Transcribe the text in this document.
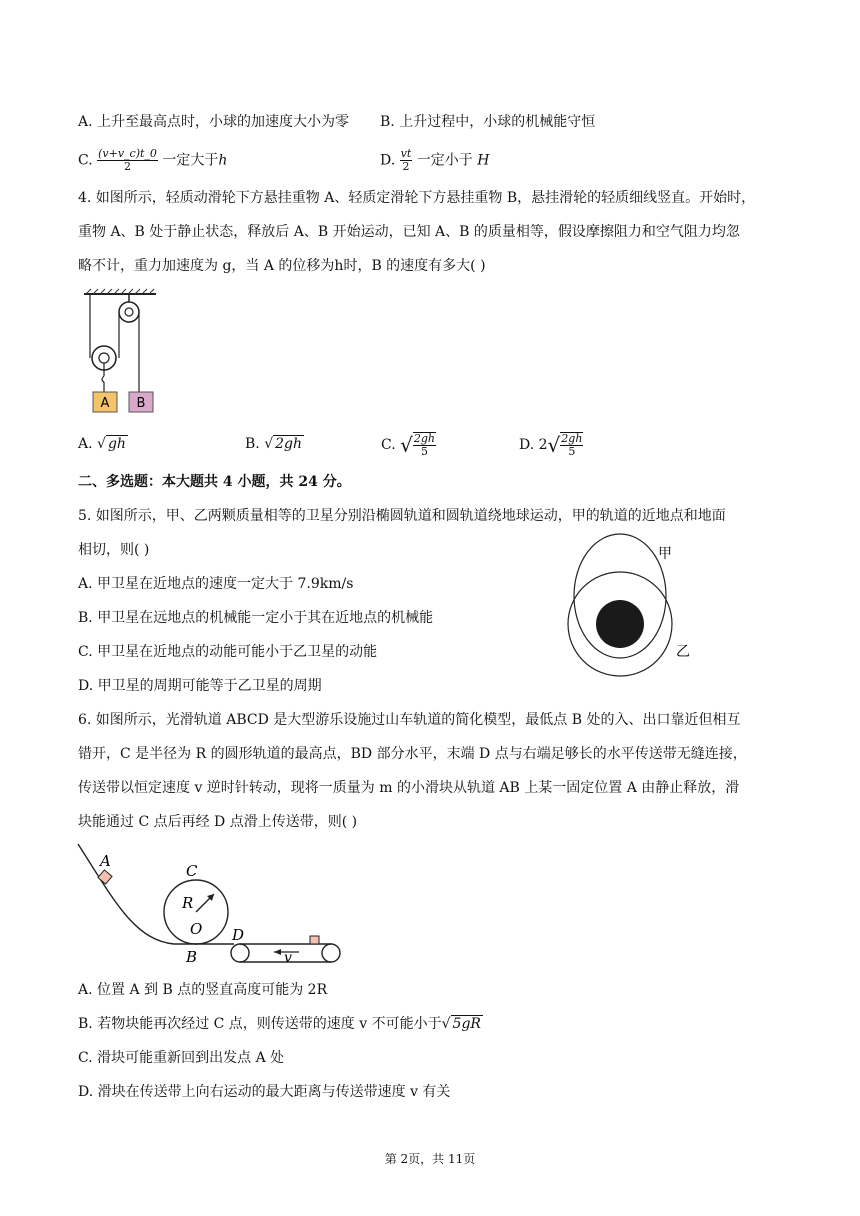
A. 上升至最高点时，小球的加速度大小为零 B. 上升过程中，小球的机械能守恒
C. $\frac{(v+v\_c)t\_0}{2}$ 一定大于h	D. $\frac{vt}{2}$ 一定小于 H
4. 如图所示，轻质动滑轮下方悬挂重物 A、轻质定滑轮下方悬挂重物 B，悬挂滑轮的轻质细线竖直。开始时，
重物 A、B 处于静止状态，释放后 A、B 开始运动，已知 A、B 的质量相等，假设摩擦阻力和空气阻力均忽
略不计，重力加速度为 g，当 A 的位移为h时，B 的速度有多大( )
A B
A. √ gh	B. √ 2gh	C. √ $\frac{2gh}{5}$	D. $2√ \frac{2gh}{5}$
二、多选题：本大题共 4 小题，共 24 分。
5. 如图所示，甲、乙两颗质量相等的卫星分别沿椭圆轨道和圆轨道绕地球运动，甲的轨道的近地点和地面
相切，则( )
A. 甲卫星在近地点的速度一定大于 7.9km/s
B. 甲卫星在远地点的机械能一定小于其在近地点的机械能
C. 甲卫星在近地点的动能可能小于乙卫星的动能
D. 甲卫星的周期可能等于乙卫星的周期
甲
乙
6. 如图所示，光滑轨道 ABCD 是大型游乐设施过山车轨道的简化模型，最低点 B 处的入、出口靠近但相互
错开，C 是半径为 R 的圆形轨道的最高点，BD 部分水平，末端 D 点与右端足够长的水平传送带无缝连接，
传送带以恒定速度 v 逆时针转动，现将一质量为 m 的小滑块从轨道 AB 上某一固定位置 A 由静止释放，滑
块能通过 C 点后再经 D 点滑上传送带，则( )
A
C
R
O D
B	v
A. 位置 A 到 B 点的竖直高度可能为 2R
B. 若物块能再次经过 C 点，则传送带的速度 v 不可能小于√ 5gR
C. 滑块可能重新回到出发点 A 处
D. 滑块在传送带上向右运动的最大距离与传送带速度 v 有关
第 2页，共 11页
